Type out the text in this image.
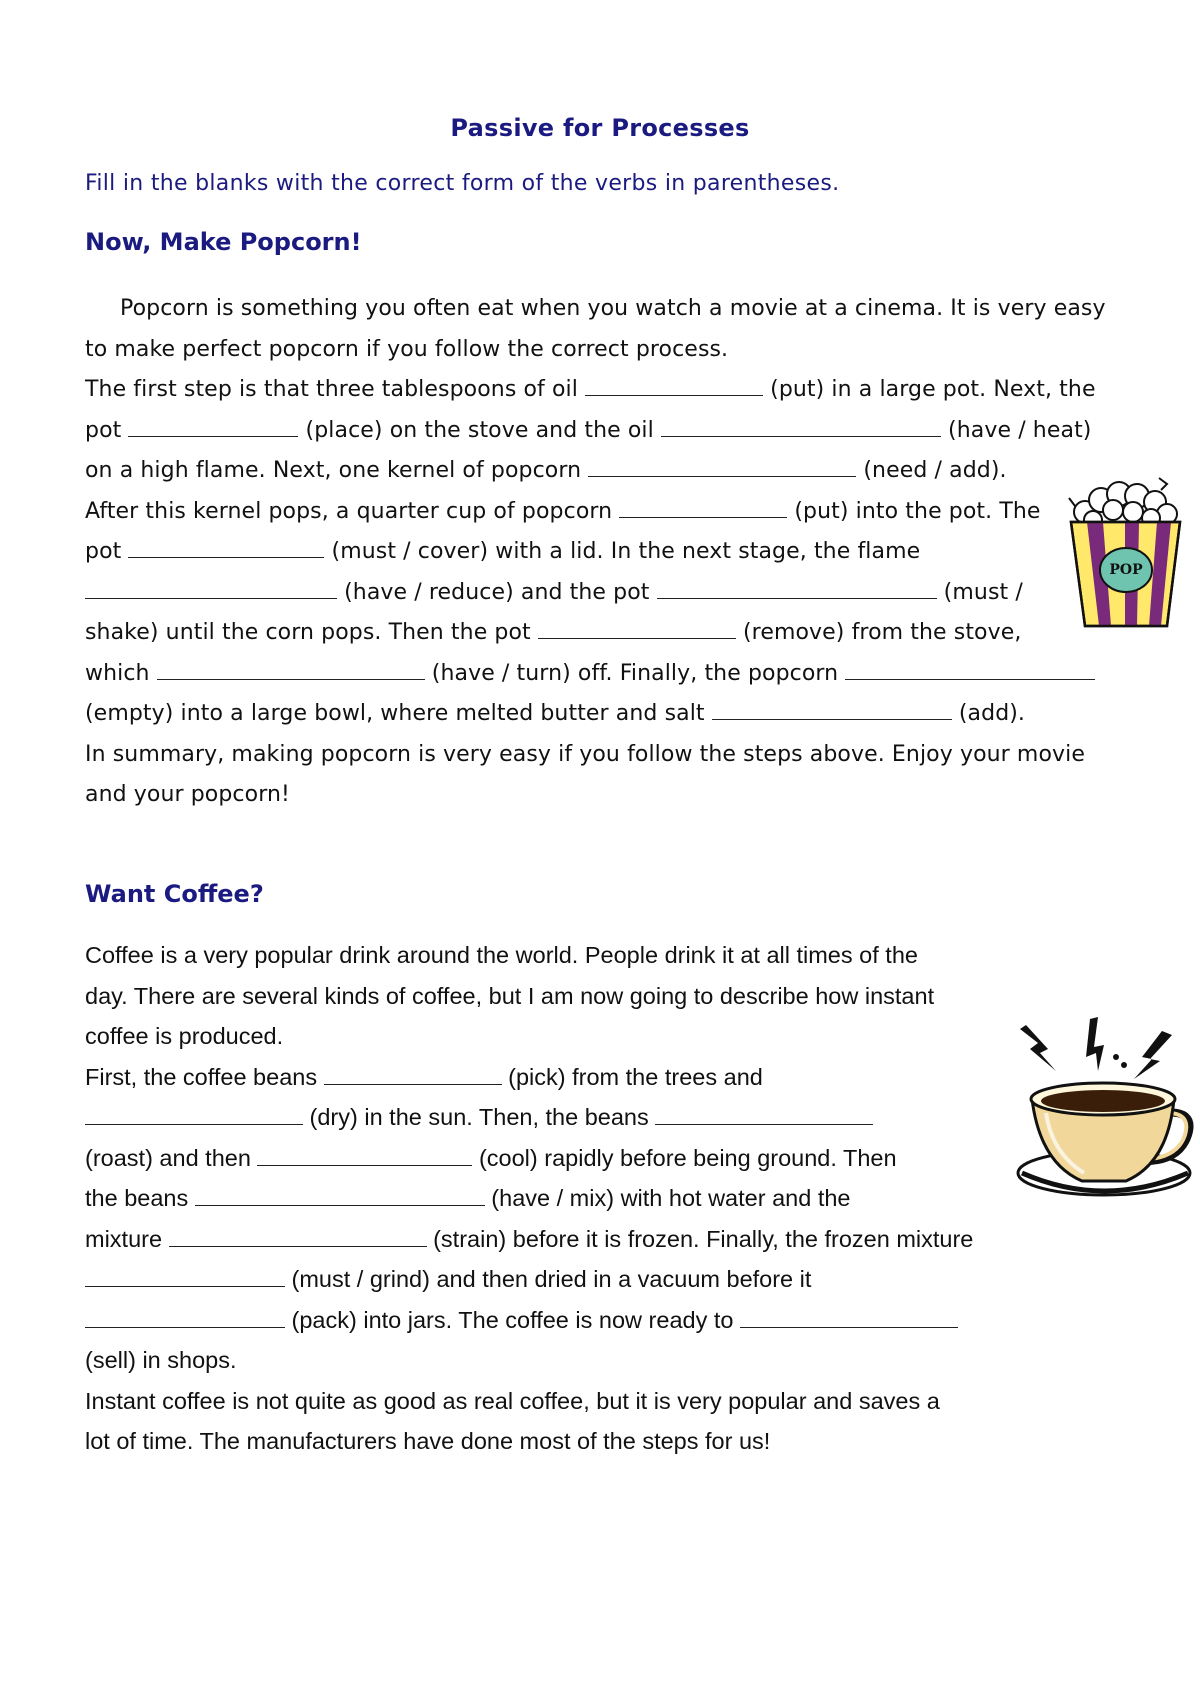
Passive for Processes
Fill in the blanks with the correct form of the verbs in parentheses.
Now, Make Popcorn!
Popcorn is something you often eat when you watch a movie at a cinema. It is very easy
to make perfect popcorn if you follow the correct process.
The first step is that three tablespoons of oil	(put) in a large pot. Next, the
pot	(place) on the stove and the oil	(have / heat)
on a high flame. Next, one kernel of popcorn	(need / add).
After this kernel pops, a quarter cup of popcorn	(put) into the pot. The
pot	(must / cover) with a lid. In the next stage, the flame
(have / reduce) and the pot	(must /
shake) until the corn pops. Then the pot	(remove) from the stove,
which	(have / turn) off. Finally, the popcorn
(empty) into a large bowl, where melted butter and salt	(add).
In summary, making popcorn is very easy if you follow the steps above. Enjoy your movie
and your popcorn!
POP
Want Coffee?
Coffee is a very popular drink around the world. People drink it at all times of the
day. There are several kinds of coffee, but I am now going to describe how instant
coffee is produced.
First, the coffee beans	(pick) from the trees and
(dry) in the sun. Then, the beans
(roast) and then	(cool) rapidly before being ground. Then
the beans	(have / mix) with hot water and the
mixture	(strain) before it is frozen. Finally, the frozen mixture
(must / grind) and then dried in a vacuum before it
(pack) into jars. The coffee is now ready to
(sell) in shops.
Instant coffee is not quite as good as real coffee, but it is very popular and saves a
lot of time. The manufacturers have done most of the steps for us!
